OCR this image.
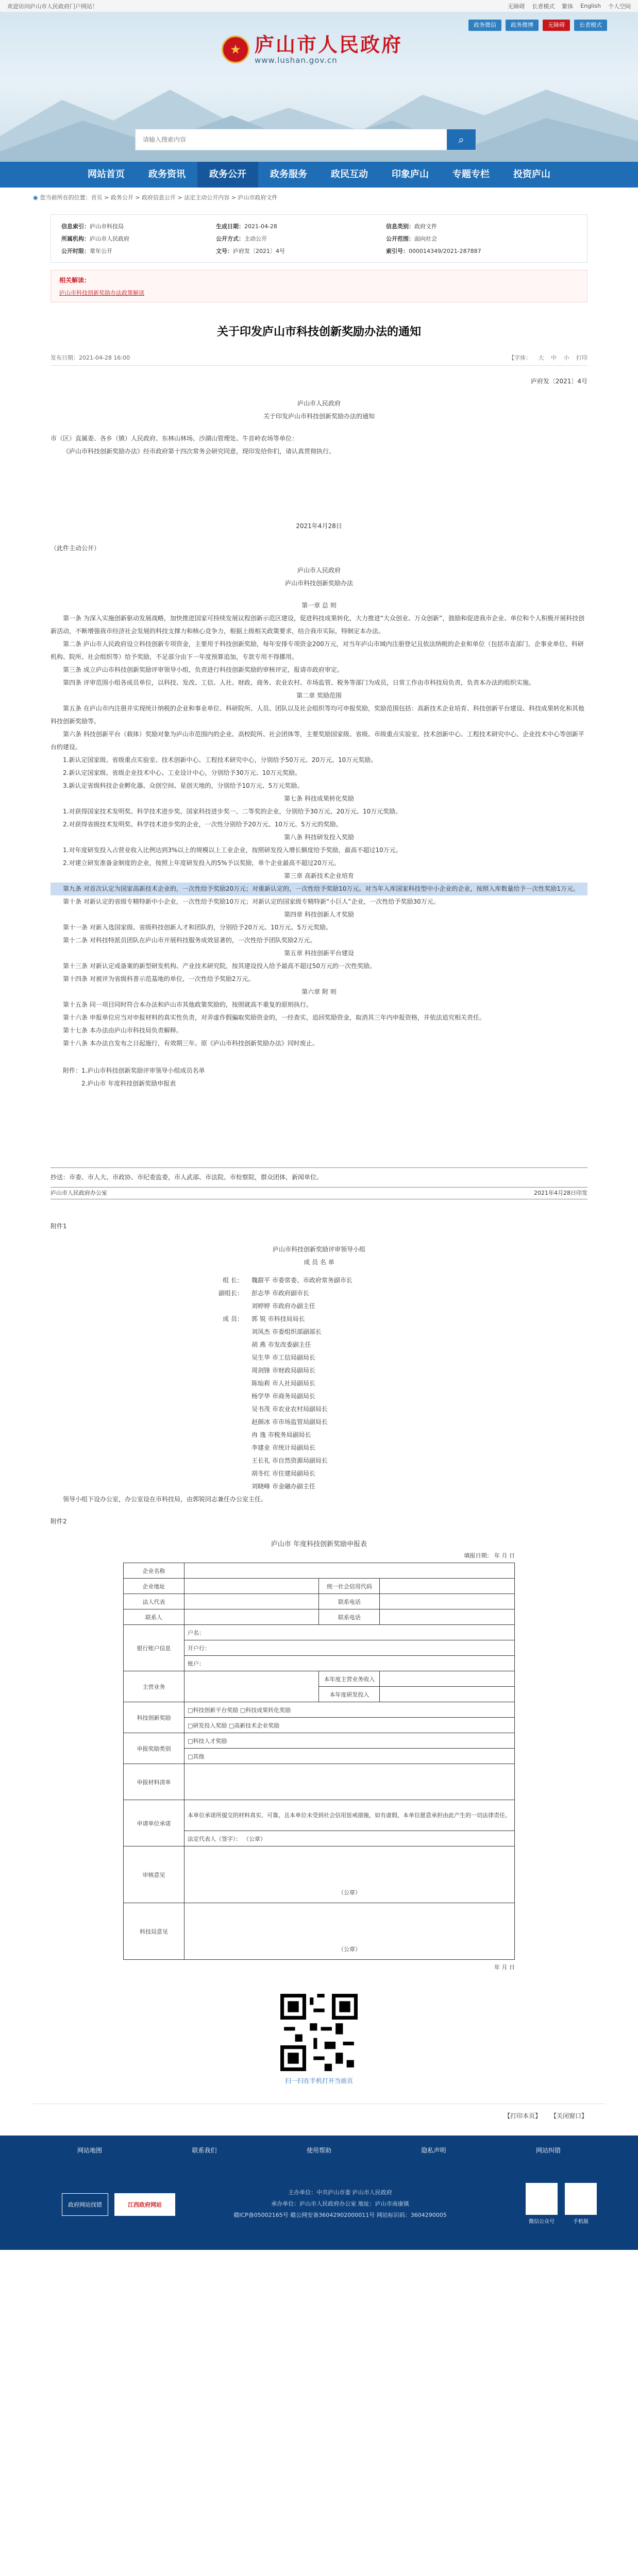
欢迎访问庐山市人民政府门户网站！	无障碍 长者模式 繁体 English 个人空间
政务微信	政务微博	无障碍	长者模式
★ 庐山市人民政府
www.lushan.gov.cn
请输入搜索内容
⌕
网站首页	政务资讯	政务公开	政务服务	政民互动	印象庐山	专题专栏	投资庐山
◉ 您当前所在的位置：首页 > 政务公开 > 政府信息公开 > 法定主动公开内容 > 庐山市政府文件
信息索引：庐山市科技局	生成日期：2021-04-28	信息类别：政府文件
所属机构：庐山市人民政府	公开方式：主动公开	公开范围：面向社会
公开时限：常年公开	文号：庐府发〔2021〕4号	索引号：000014349/2021-287887
相关解读：
庐山市科技创新奖励办法政策解读
关于印发庐山市科技创新奖励办法的通知
发布日期：2021-04-28 16:00	【字体： 大 中 小 打印
庐府发〔2021〕4号
庐山市人民政府
关于印发庐山市科技创新奖励办法的通知
市（区）直属委、各乡（镇）人民政府、东林山林场、沙湖山管理处、牛首岭农场等单位：
《庐山市科技创新奖励办法》经市政府第十四次常务会研究同意，现印发给你们，请认真贯彻执行。
2021年4月28日
（此件主动公开）
庐山市人民政府
庐山市科技创新奖励办法
第一章 总 则
第一条 为深入实施创新驱动发展战略，加快推进国家可持续发展议程创新示范区建设，促进科技成果转化，大力推进“大众创业、万众创新”，鼓励和促进我市企业、单位和个人积极开展科技创新活动，不断增强我市经济社会发展的科技支撑力和核心竞争力，根据上级相关政策要求，结合我市实际，特制定本办法。
第二条 庐山市人民政府设立科技创新专项资金，主要用于科技创新奖励，每年安排专项资金200万元，对当年庐山市域内注册登记且依法纳税的企业和单位（包括市直部门、企事业单位、科研机构、院所、社会组织等）给予奖励，不足部分由下一年度预算追加，专款专用不得挪用。
第三条 成立庐山市科技创新奖励评审领导小组，负责进行科技创新奖励的审核评定，报请市政府审定。
第四条 评审范围小组各成员单位，以科技、发改、工信、人社、财政、商务、农业农村、市场监管、税务等部门为成员，日常工作由市科技局负责，负责本办法的组织实施。
第二章 奖励范围
第五条 在庐山市内注册并实现统计纳税的企业和事业单位、科研院所、人员、团队以及社会组织等均可申报奖励，奖励范围包括：高新技术企业培育、科技创新平台建设、科技成果转化和其他科技创新奖励等。
第六条 科技创新平台（载体）奖励对象为庐山市范围内的企业、高校院所、社会团体等，主要奖励国家级、省级、市级重点实验室、技术创新中心、工程技术研究中心、企业技术中心等创新平台的建设。
1.新认定国家级、省级重点实验室、技术创新中心、工程技术研究中心，分别给予50万元、20万元、10万元奖励。
2.新认定国家级、省级企业技术中心、工业设计中心，分别给予30万元、10万元奖励。
3.新认定省级科技企业孵化器、众创空间、星创天地的，分别给予10万元、5万元奖励。
第七条 科技成果转化奖励
1.对获得国家技术发明奖、科学技术进步奖、国家科技进步奖一、二等奖的企业，分别给予30万元、20万元、10万元奖励。
2.对获得省级技术发明奖、科学技术进步奖的企业，一次性分别给予20万元、10万元、5万元的奖励。
第八条 科技研发投入奖励
1.对年度研发投入占营业收入比例达到3%以上的规模以上工业企业，按照研发投入增长额度给予奖励，最高不超过10万元。
2.对建立研发准备金制度的企业，按照上年度研发投入的5%予以奖励，单个企业最高不超过20万元。
第三章 高新技术企业培育
第九条 对首次认定为国家高新技术企业的，一次性给予奖励20万元；对重新认定的，一次性给予奖励10万元。对当年入库国家科技型中小企业的企业，按照入库数量给予一次性奖励1万元。
第十条 对新认定的省级专精特新中小企业，一次性给予奖励10万元；对新认定的国家级专精特新“小巨人”企业，一次性给予奖励30万元。
第四章 科技创新人才奖励
第十一条 对新入选国家级、省级科技创新人才和团队的，分别给予20万元、10万元、5万元奖励。
第十二条 对科技特派员团队在庐山市开展科技服务成效显著的，一次性给予团队奖励2万元。
第五章 科技创新平台建设
第十三条 对新认定或备案的新型研发机构、产业技术研究院，按其建设投入给予最高不超过50万元的一次性奖励。
第十四条 对被评为省级科普示范基地的单位，一次性给予奖励2万元。
第六章 附 则
第十五条 同一项目同时符合本办法和庐山市其他政策奖励的，按照就高不重复的原则执行。
第十六条 申报单位应当对申报材料的真实性负责，对弄虚作假骗取奖励资金的，一经查实，追回奖励资金，取消其三年内申报资格，并依法追究相关责任。
第十七条 本办法由庐山市科技局负责解释。
第十八条 本办法自发布之日起施行，有效期三年。原《庐山市科技创新奖励办法》同时废止。
附件：1.庐山市科技创新奖励评审领导小组成员名单
2.庐山市 年度科技创新奖励申报表
抄送：市委、市人大、市政协、市纪委监委，市人武部、市法院、市检察院，群众团体，新闻单位。
庐山市人民政府办公室	2021年4月28日印发
附件1
庐山市科技创新奖励评审领导小组
成 员 名 单
组 长：	魏甜平 市委常委、市政府常务副市长
副组长：	彭志华 市政府副市长
刘婷婷 市政府办副主任
成 员：	郭 锐 市科技局局长
刘凤杰 市委组织部副部长
胡 燕 市发改委副主任
吴生华 市工信局副局长
周剑锋 市财政局副局长
陈灿莉 市人社局副局长
杨学华 市商务局副局长
吴书茂 市农业农村局副局长
赵颜冰 市市场监管局副局长
冉 逸 市税务局副局长
李建业 市统计局副局长
王长礼 市自然资源局副局长
胡冬红 市住建局副局长
刘晓峰 市金融办副主任
领导小组下设办公室，办公室设在市科技局，由郭锐同志兼任办公室主任。
附件2
庐山市 年度科技创新奖励申报表
填报日期： 年 月 日
企业名称			
企业地址		统一社会信用代码	
法人代表		联系电话	
联系人		联系电话	
银行账户信息	户名：		
	开户行：		
	账户：		
主营业务		本年度主营业务收入	
		本年度研发投入	
科技创新奖励	□科技创新平台奖励 □科技成果转化奖励		
	□研发投入奖励 □高新技术企业奖励		
申报奖励类别	□科技人才奖励		
	□其他		
申报材料清单			
申请单位承诺	本单位承诺所提交的材料真实、可靠，且本单位未受到社会信用惩戒措施，如有虚假，本单位愿意承担由此产生的一切法律责任。		
	法定代表人（签字）： （公章）		
审核意见	（公章）		
科技局意见	（公章）		
年 月 日
扫一扫在手机打开当前页
【打印本页】 【关闭窗口】
网站地图	联系我们	使用帮助	隐私声明	网站纠错
政府网站找错	江西政府网站
主办单位：中共庐山市委 庐山市人民政府
承办单位：庐山市人民政府办公室 地址：庐山市南康镇
赣ICP备05002165号 赣公网安备36042902000011号 网站标识码：3604290005
微信公众号	手机版
